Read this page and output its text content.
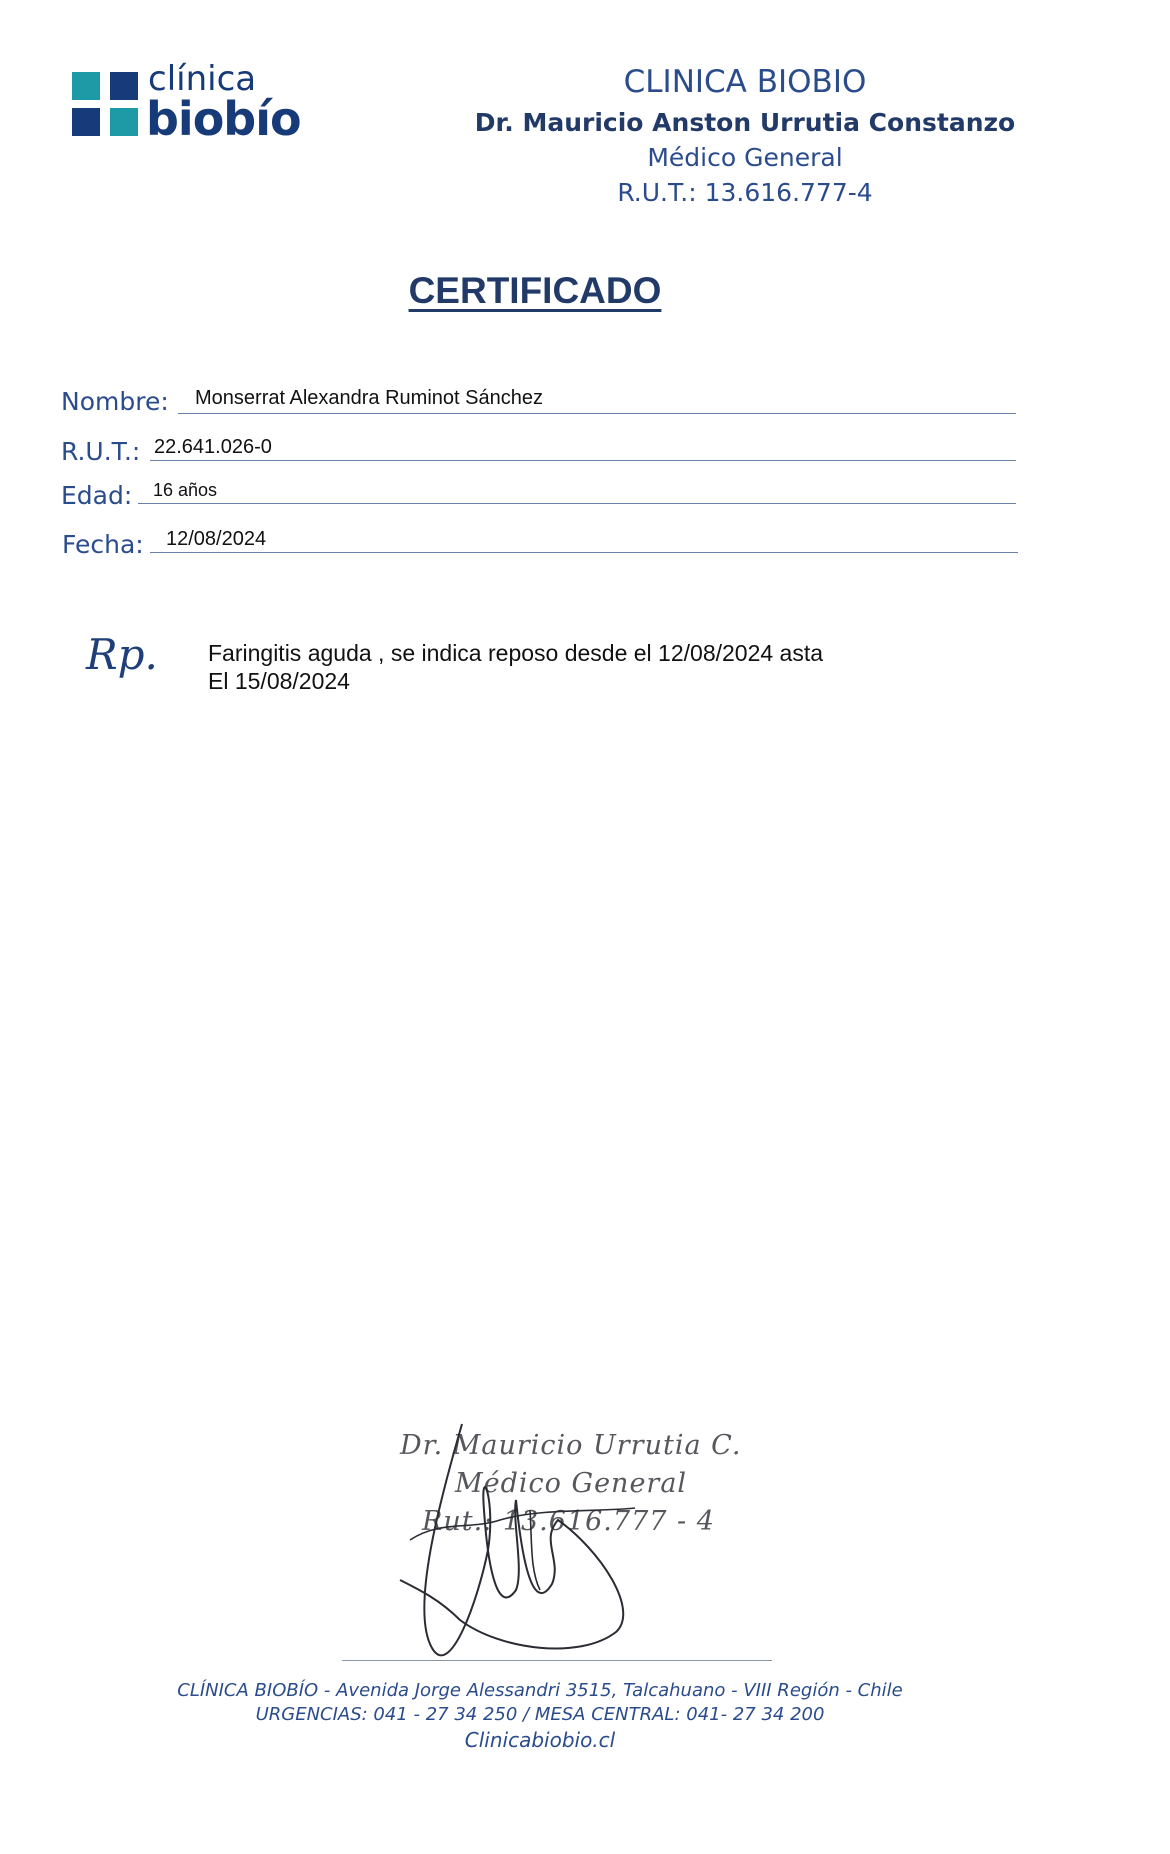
clínica
biobío
CLINICA BIOBIO
Dr. Mauricio Anston Urrutia Constanzo
Médico General
R.U.T.: 13.616.777-4
CERTIFICADO
Nombre: Monserrat Alexandra Ruminot Sánchez
R.U.T.: 22.641.026-0
Edad: 16 años
Fecha: 12/08/2024
Rp. Faringitis aguda , se indica reposo desde el 12/08/2024 asta
El 15/08/2024
Dr. Mauricio Urrutia C.
Médico General
Rut.: 13.616.777 - 4
CLÍNICA BIOBÍO - Avenida Jorge Alessandri 3515, Talcahuano - VIII Región - Chile
URGENCIAS: 041 - 27 34 250 / MESA CENTRAL: 041- 27 34 200
Clinicabiobio.cl
